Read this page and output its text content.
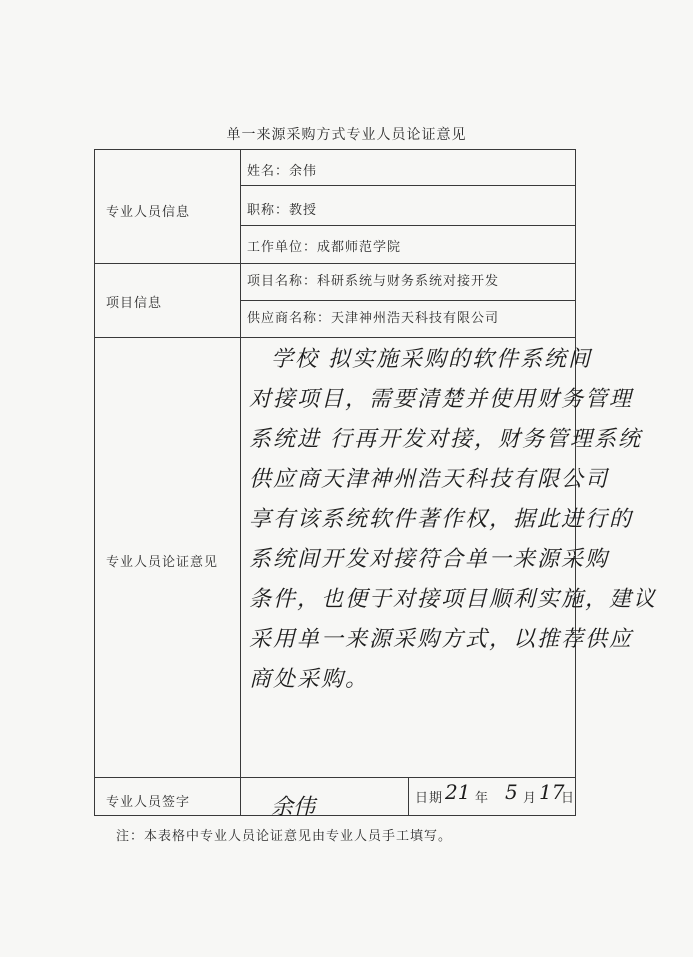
单一来源采购方式专业人员论证意见
专业人员信息
姓名：余伟
职称：教授
工作单位：成都师范学院
项目信息
项目名称：科研系统与财务系统对接开发
供应商名称：天津神州浩天科技有限公司
专业人员论证意见
学校 拟实施采购的软件系统间
对接项目，需要清楚并使用财务管理
系统进 行再开发对接，财务管理系统
供应商天津神州浩天科技有限公司
享有该系统软件著作权，据此进行的
系统间开发对接符合单一来源采购
条件，也便于对接项目顺利实施，建议
采用单一来源采购方式，以推荐供应
商处采购。
专业人员签字	余伟	日期 21 年 5 月 17
日
注：本表格中专业人员论证意见由专业人员手工填写。
